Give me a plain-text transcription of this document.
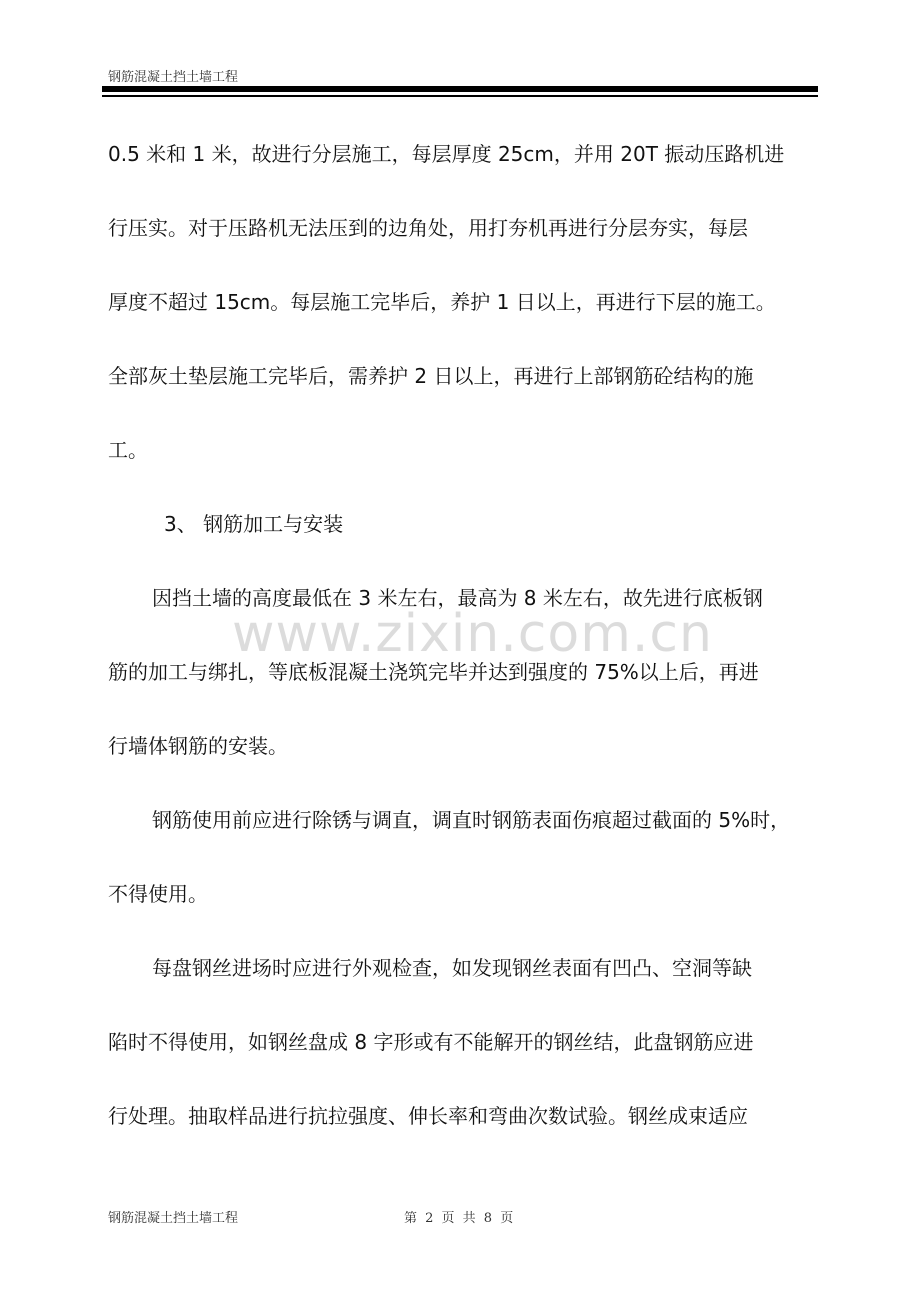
钢筋混凝土挡土墙工程
www.zixin.com.cn
0.5 米和 1 米，故进行分层施工，每层厚度 25cm，并用 20T 振动压路机进
行压实。对于压路机无法压到的边角处，用打夯机再进行分层夯实，每层
厚度不超过 15cm。每层施工完毕后，养护 1 日以上，再进行下层的施工。
全部灰土垫层施工完毕后，需养护 2 日以上，再进行上部钢筋砼结构的施
工。
3、 钢筋加工与安装
因挡土墙的高度最低在 3 米左右，最高为 8 米左右，故先进行底板钢
筋的加工与绑扎，等底板混凝土浇筑完毕并达到强度的 75%以上后，再进
行墙体钢筋的安装。
钢筋使用前应进行除锈与调直，调直时钢筋表面伤痕超过截面的 5%时，
不得使用。
每盘钢丝进场时应进行外观检查，如发现钢丝表面有凹凸、空洞等缺
陷时不得使用，如钢丝盘成 8 字形或有不能解开的钢丝结，此盘钢筋应进
行处理。抽取样品进行抗拉强度、伸长率和弯曲次数试验。钢丝成束适应
钢筋混凝土挡土墙工程	第 2 页 共 8 页
